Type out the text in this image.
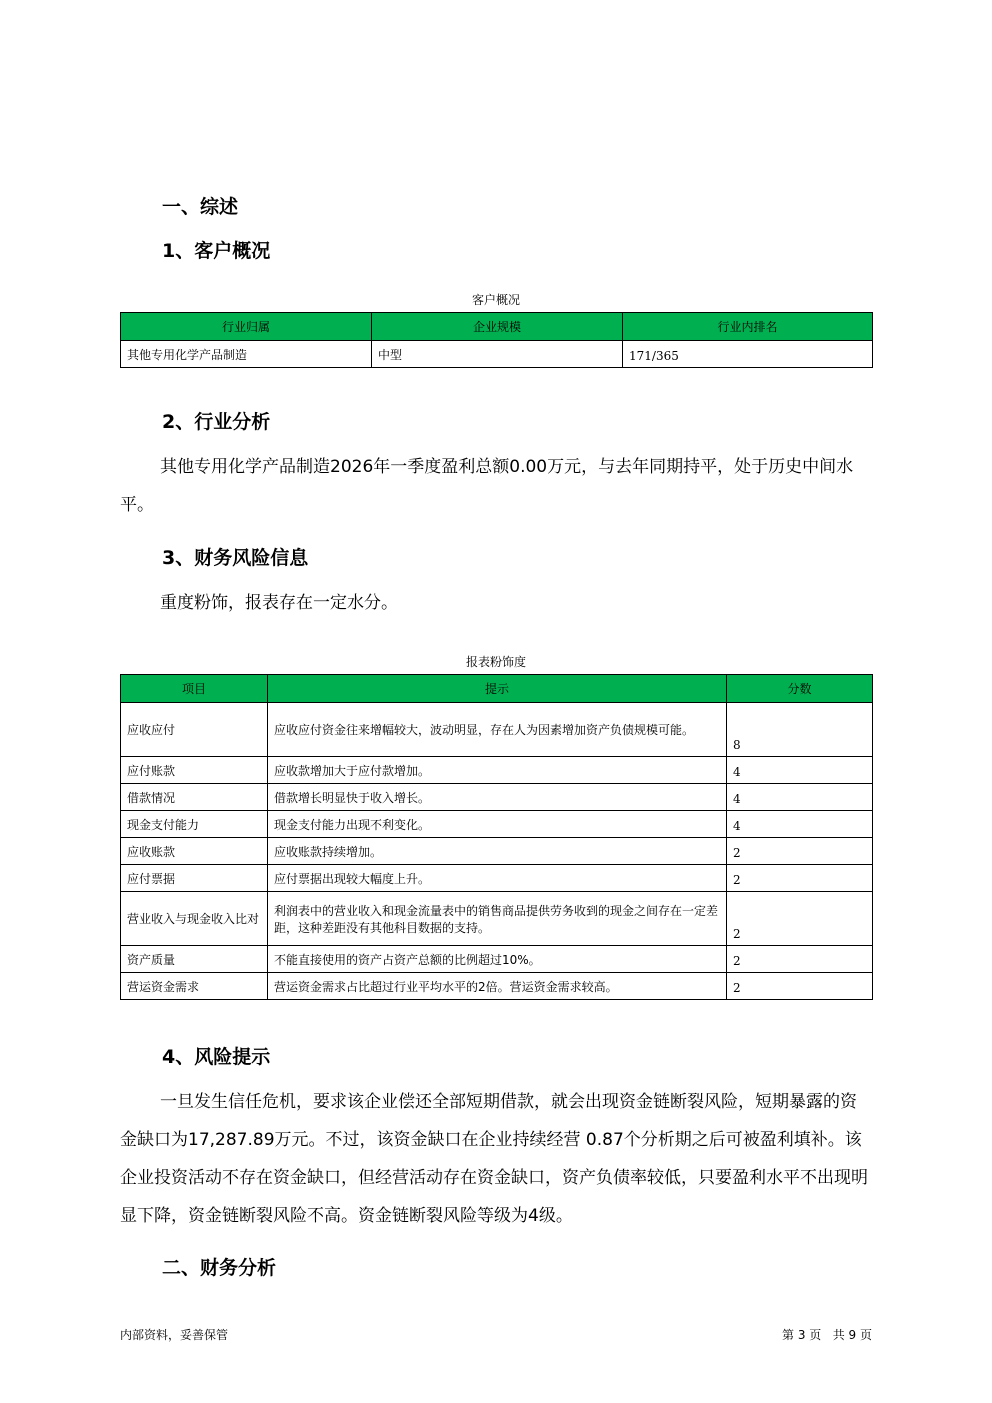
一、综述
1、客户概况
客户概况
行业归属	企业规模	行业内排名
其他专用化学产品制造	中型	171/365
2、行业分析

其他专用化学产品制造2026年一季度盈利总额0.00万元，与去年同期持平，处于历史中间水平。

3、财务风险信息

重度粉饰，报表存在一定水分。

报表粉饰度
项目	提示	分数
应收应付	应收应付资金往来增幅较大，波动明显，存在人为因素增加资产负债规模可能。	8
应付账款	应收款增加大于应付款增加。	4
借款情况	借款增长明显快于收入增长。	4
现金支付能力	现金支付能力出现不利变化。	4
应收账款	应收账款持续增加。	2
应付票据	应付票据出现较大幅度上升。	2
营业收入与现金收入比对	利润表中的营业收入和现金流量表中的销售商品提供劳务收到的现金之间存在一定差距，这种差距没有其他科目数据的支持。	2
资产质量	不能直接使用的资产占资产总额的比例超过10%。	2
营运资金需求	营运资金需求占比超过行业平均水平的2倍。营运资金需求较高。	2
4、风险提示

一旦发生信任危机，要求该企业偿还全部短期借款，就会出现资金链断裂风险，短期暴露的资金缺口为17,287.89万元。不过，该资金缺口在企业持续经营 0.87个分析期之后可被盈利填补。该企业投资活动不存在资金缺口，但经营活动存在资金缺口，资产负债率较低，只要盈利水平不出现明显下降，资金链断裂风险不高。资金链断裂风险等级为4级。

二、财务分析
内部资料，妥善保管	第 3 页   共 9 页
